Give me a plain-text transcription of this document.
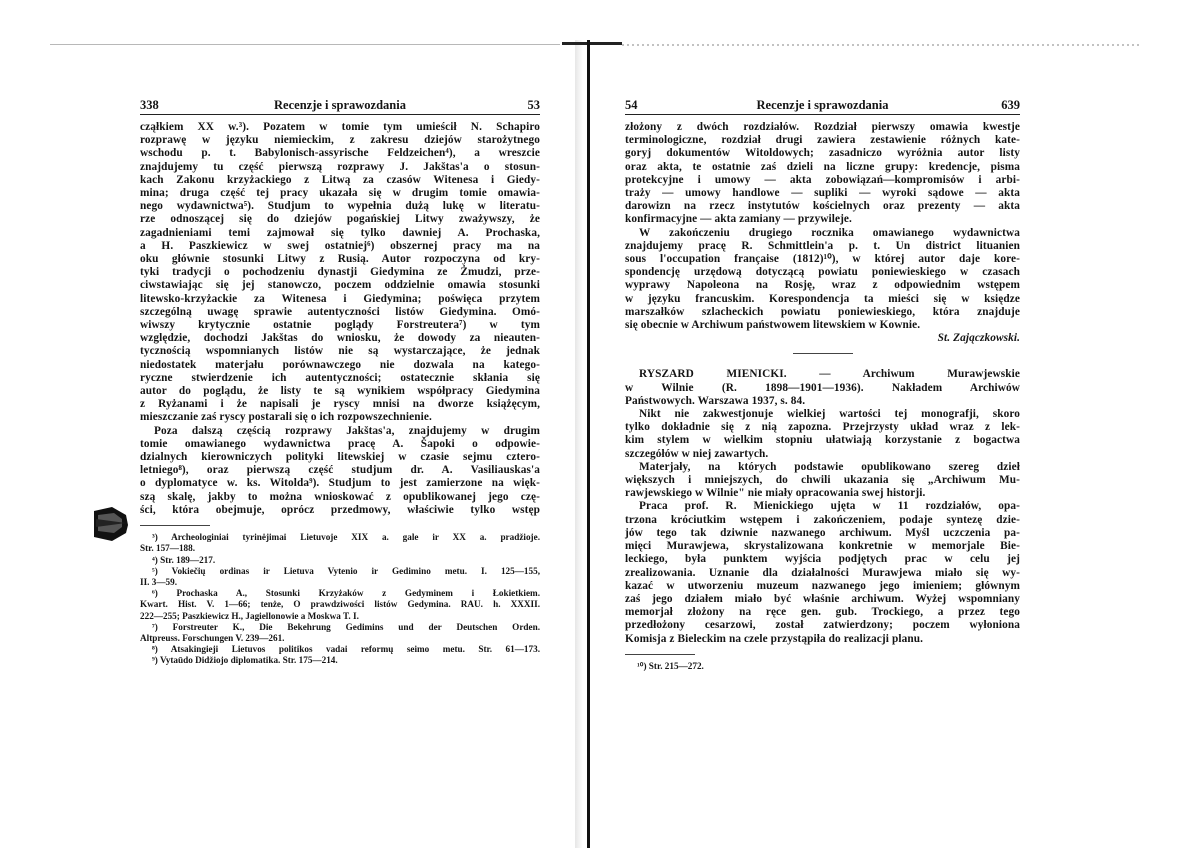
338	Recenzje i sprawozdania	53
cząłkiem XX w.³). Pozatem w tomie tym umieścił N. Schapiro
rozprawę w języku niemieckim, z zakresu dziejów starożytnego
wschodu p. t. Babylonisch-assyrische Feldzeichen⁴), a wreszcie
znajdujemy tu część pierwszą rozprawy J. Jakštas'a o stosun-
kach Zakonu krzyżackiego z Litwą za czasów Witenesa i Giedy-
mina; druga część tej pracy ukazała się w drugim tomie omawia-
nego wydawnictwa⁵). Studjum to wypełnia dużą lukę w literatu-
rze odnoszącej się do dziejów pogańskiej Litwy zważywszy, że
zagadnieniami temi zajmował się tylko dawniej A. Prochaska,
a H. Paszkiewicz w swej ostatniej⁶) obszernej pracy ma na
oku głównie stosunki Litwy z Rusią. Autor rozpoczyna od kry-
tyki tradycji o pochodzeniu dynastji Giedymina ze Żmudzi, prze-
ciwstawiając się jej stanowczo, poczem oddzielnie omawia stosunki
litewsko-krzyżackie za Witenesa i Giedymina; poświęca przytem
szczególną uwagę sprawie autentyczności listów Giedymina. Omó-
wiwszy krytycznie ostatnie poglądy Forstreutera⁷) w tym
względzie, dochodzi Jakštas do wniosku, że dowody za nieauten-
tycznością wspomnianych listów nie są wystarczające, że jednak
niedostatek materjału porównawczego nie dozwala na katego-
ryczne stwierdzenie ich autentyczności; ostatecznie skłania się
autor do poglądu, że listy te są wynikiem współpracy Giedymina
z Ryżanami i że napisali je ryscy mnisi na dworze książęcym,
mieszczanie zaś ryscy postarali się o ich rozpowszechnienie.
Poza dalszą częścią rozprawy Jakštas'a, znajdujemy w drugim
tomie omawianego wydawnictwa pracę A. Šapoki o odpowie-
dzialnych kierowniczych polityki litewskiej w czasie sejmu cztero-
letniego⁸), oraz pierwszą część studjum dr. A. Vasiliauskas'a
o dyplomatyce w. ks. Witolda⁹). Studjum to jest zamierzone na więk-
szą skalę, jakby to można wnioskować z opublikowanej jego czę-
ści, która obejmuje, oprócz przedmowy, właściwie tylko wstęp
³) Archeologiniai tyrinėjimai Lietuvoje XIX a. gale ir XX a. pradžioje.
Str. 157—188.
⁴) Str. 189—217.
⁵) Vokiečių ordinas ir Lietuva Vytenio ir Gedimino metu. I. 125—155,
II. 3—59.
⁶) Prochaska A., Stosunki Krzyżaków z Gedyminem i Łokietkiem.
Kwart. Hist. V. 1—66; tenże, O prawdziwości listów Gedymina. RAU. h. XXXII.
222—255; Paszkiewicz H., Jagiellonowie a Moskwa T. I.
⁷) Forstreuter K., Die Bekehrung Gedimins und der Deutschen Orden.
Altpreuss. Forschungen V. 239—261.
⁸) Atsakingieji Lietuvos politikos vadai reformų seimo metu. Str. 61—173.
⁹) Vytaūdo Didžiojo diplomatika. Str. 175—214.
54	Recenzje i sprawozdania	639
złożony z dwóch rozdziałów. Rozdział pierwszy omawia kwestje
terminologiczne, rozdział drugi zawiera zestawienie różnych kate-
goryj dokumentów Witoldowych; zasadniczo wyróżnia autor listy
oraz akta, te ostatnie zaś dzieli na liczne grupy: kredencje, pisma
protekcyjne i umowy — akta zobowiązań—kompromisów i arbi-
traży — umowy handlowe — supliki — wyroki sądowe — akta
darowizn na rzecz instytutów kościelnych oraz prezenty — akta
konfirmacyjne — akta zamiany — przywileje.
W zakończeniu drugiego rocznika omawianego wydawnictwa
znajdujemy pracę R. Schmittlein'a p. t. Un district lituanien
sous l'occupation française (1812)¹⁰), w której autor daje kore-
spondencję urzędową dotyczącą powiatu poniewieskiego w czasach
wyprawy Napoleona na Rosję, wraz z odpowiednim wstępem
w języku francuskim. Korespondencja ta mieści się w księdze
marszałków szlacheckich powiatu poniewieskiego, która znajduje
się obecnie w Archiwum państwowem litewskiem w Kownie.
St. Zajączkowski.
RYSZARD MIENICKI. — Archiwum Murawjewskie
w Wilnie (R. 1898—1901—1936). Nakładem Archiwów
Państwowych. Warszawa 1937, s. 84.
Nikt nie zakwestjonuje wielkiej wartości tej monografji, skoro
tylko dokładnie się z nią zapozna. Przejrzysty układ wraz z lek-
kim stylem w wielkim stopniu ułatwiają korzystanie z bogactwa
szczegółów w niej zawartych.
Materjały, na których podstawie opublikowano szereg dzieł
większych i mniejszych, do chwili ukazania się „Archiwum Mu-
rawjewskiego w Wilnie" nie miały opracowania swej historji.
Praca prof. R. Mienickiego ujęta w 11 rozdziałów, opa-
trzona króciutkim wstępem i zakończeniem, podaje syntezę dzie-
jów tego tak dziwnie nazwanego archiwum. Myśl uczczenia pa-
mięci Murawjewa, skrystalizowana konkretnie w memorjale Bie-
leckiego, była punktem wyjścia podjętych prac w celu jej
zrealizowania. Uznanie dla działalności Murawjewa miało się wy-
kazać w utworzeniu muzeum nazwanego jego imieniem; głównym
zaś jego działem miało być właśnie archiwum. Wyżej wspomniany
memorjał złożony na ręce gen. gub. Trockiego, a przez tego
przedłożony cesarzowi, został zatwierdzony; poczem wyłoniona
Komisja z Bieleckim na czele przystąpiła do realizacji planu.
¹⁰) Str. 215—272.
